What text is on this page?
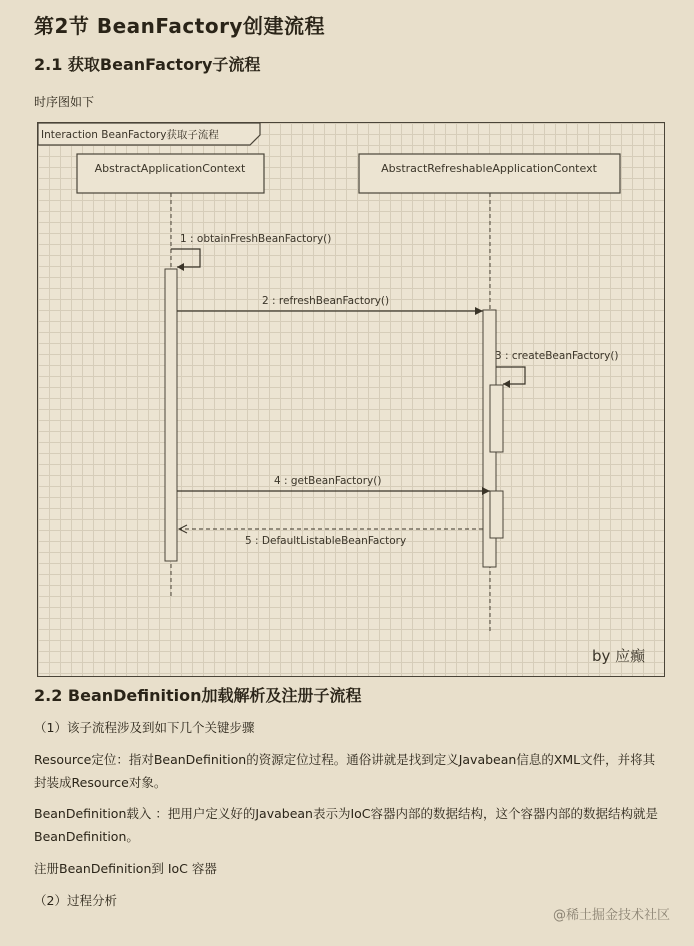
第2节 BeanFactory创建流程
2.1 获取BeanFactory子流程
时序图如下
Interaction BeanFactory获取子流程
AbstractApplicationContext	AbstractRefreshableApplicationContext
1 : obtainFreshBeanFactory()
2 : refreshBeanFactory()
3 : createBeanFactory()
4 : getBeanFactory()
5 : DefaultListableBeanFactory
by 应癫
2.2 BeanDefinition加载解析及注册子流程
（1）该子流程涉及到如下几个关键步骤
Resource定位：指对BeanDefinition的资源定位过程。通俗讲就是找到定义Javabean信息的XML文件，并将其封装成Resource对象。
BeanDefinition载入 ：把用户定义好的Javabean表示为IoC容器内部的数据结构，这个容器内部的数据结构就是BeanDefinition。
注册BeanDefinition到 IoC 容器
（2）过程分析
@稀土掘金技术社区
